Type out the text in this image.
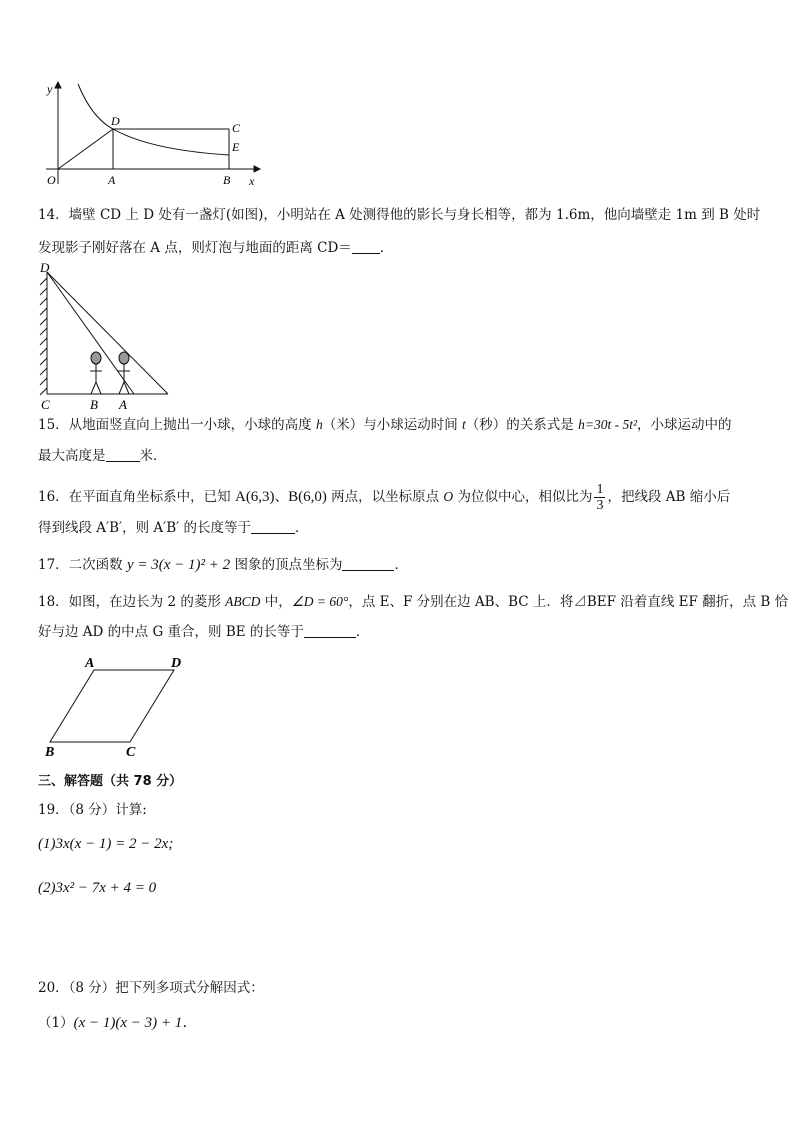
y
x
O	A	B
C
D
E
14．墙壁 CD 上 D 处有一盏灯(如图)，小明站在 A 处测得他的影长与身长相等，都为 1.6m，他向墙壁走 1m 到 B 处时
发现影子刚好落在 A 点，则灯泡与地面的距离 CD＝ ．
D
C	B A
15．从地面竖直向上抛出一小球，小球的高度 h（米）与小球运动时间 t（秒）的关系式是 h=30t - 5t²，小球运动中的
最大高度是	米．
16．在平面直角坐标系中，已知 A(6,3)、B(6,0) 两点，以坐标原点 O 为位似中心，相似比为 $\frac{1}{3}$ ，把线段 AB 缩小后
得到线段 A′B′，则 A′B′ 的长度等于	．
17．二次函数 y = 3(x − 1)² + 2 图象的顶点坐标为	．
18．如图，在边长为 2 的菱形 ABCD 中，∠D = 60°，点 E、F 分别在边 AB、BC 上．将⊿BEF 沿着直线 EF 翻折，点 B 恰
好与边 AD 的中点 G 重合，则 BE 的长等于	．
A	D
B	C
三、解答题（共 78 分）
19．（8 分）计算:
(1)3x(x − 1) = 2 − 2x;
(2)3x² − 7x + 4 = 0
20．（8 分）把下列多项式分解因式：
（1）(x − 1)(x − 3) + 1．
